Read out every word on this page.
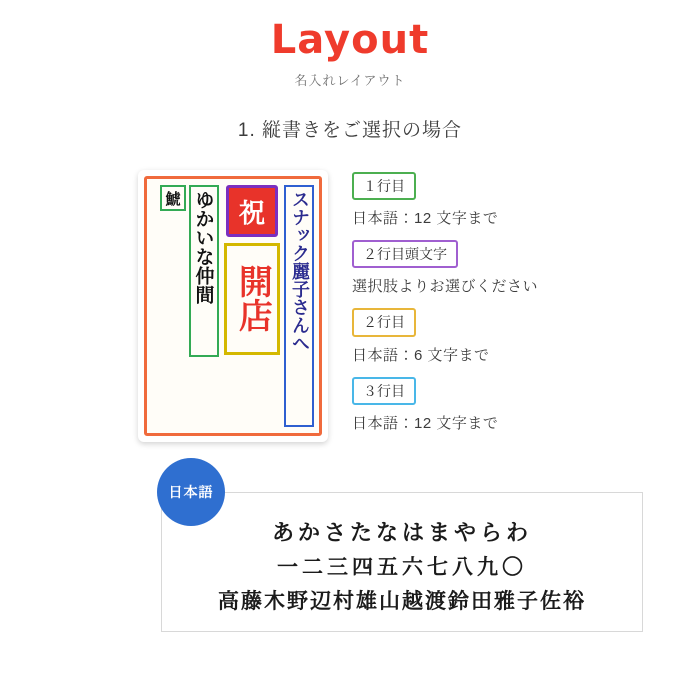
Layout
名入れレイアウト
1. 縦書きをご選択の場合
スナック麗子さんへ
祝
開店
ゆかいな仲間
鯱
１行目
日本語：12 文字まで
２行目頭文字
選択肢よりお選びください
２行目
日本語：6 文字まで
３行目
日本語：12 文字まで
日本語
あかさたなはまやらわ
一二三四五六七八九〇
高藤木野辺村雄山越渡鈴田雅子佐裕
